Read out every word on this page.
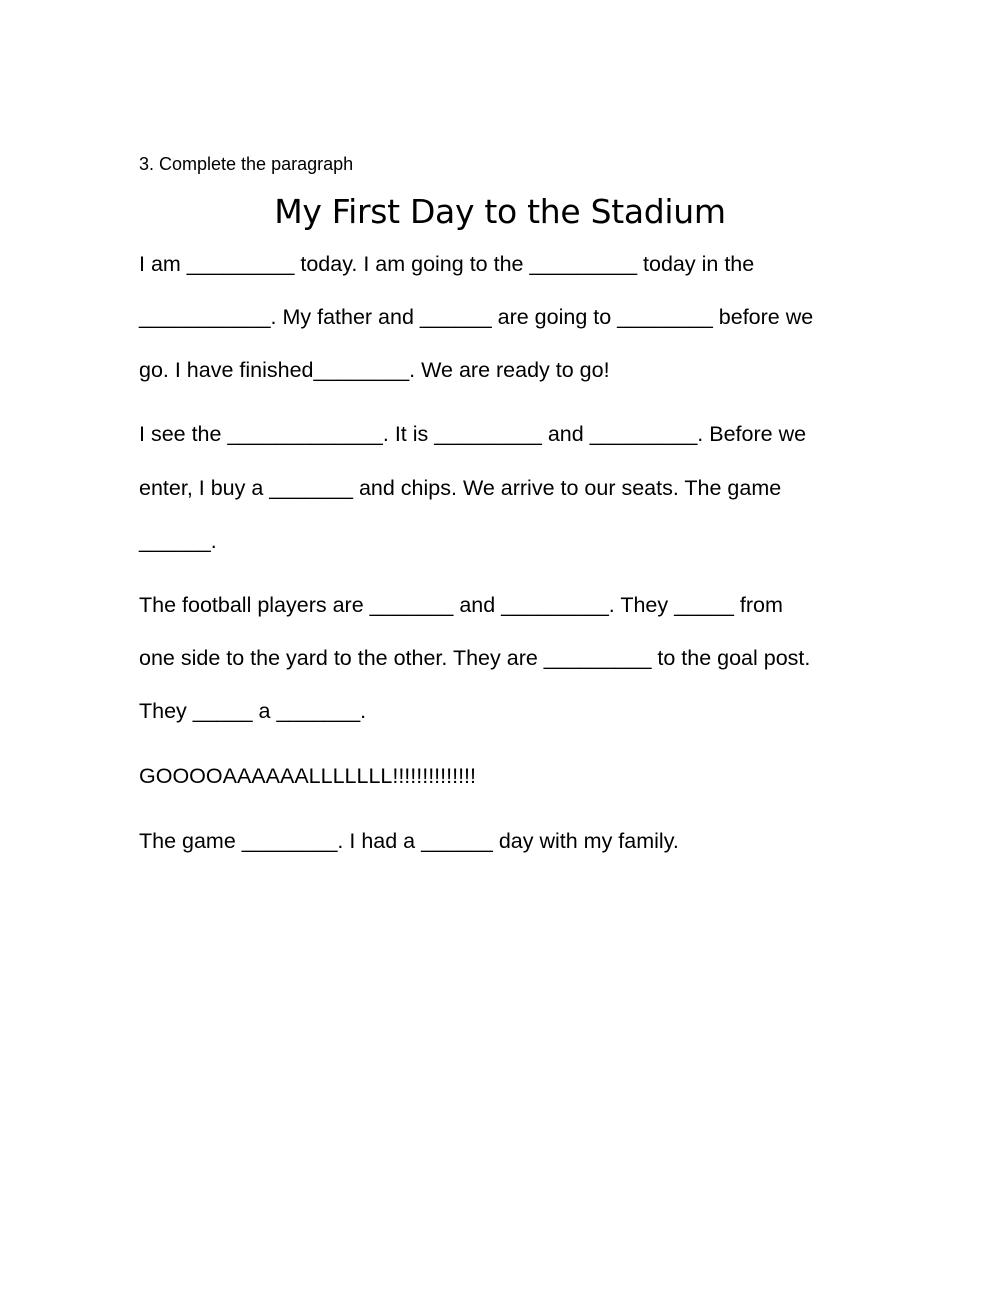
3. Complete the paragraph
My First Day to the Stadium
I am _________ today. I am going to the _________ today in the
___________. My father and ______ are going to ________ before we
go. I have finished________. We are ready to go!
I see the _____________. It is _________ and _________. Before we
enter, I buy a _______ and chips. We arrive to our seats. The game
______.
The football players are _______ and _________. They _____ from
one side to the yard to the other. They are _________ to the goal post.
They _____ a _______.
GOOOOAAAAAALLLLLLL!!!!!!!!!!!!!!
The game ________. I had a ______ day with my family.
